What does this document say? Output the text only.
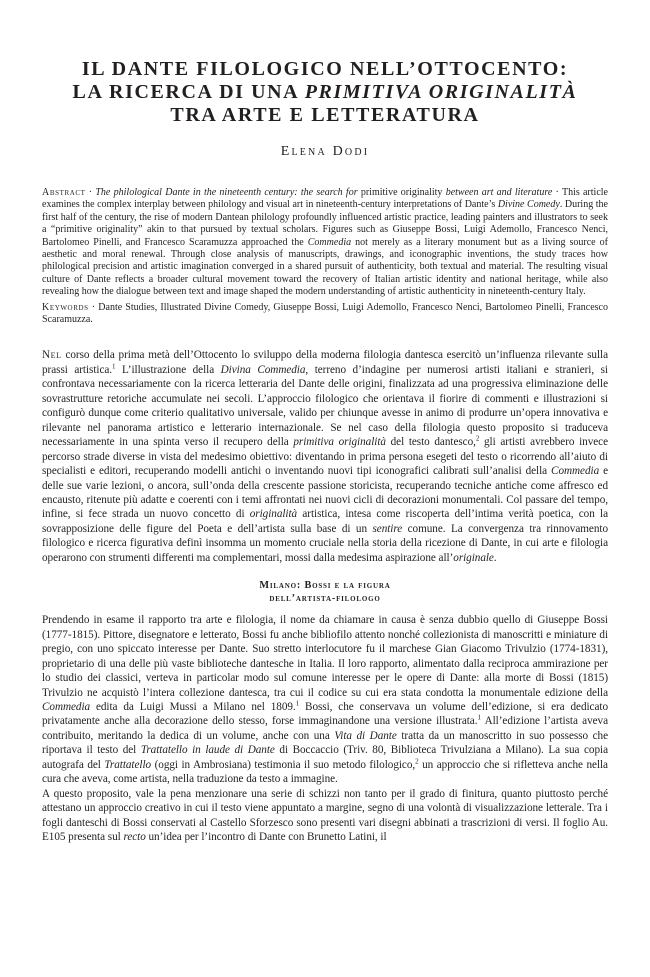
IL DANTE FILOLOGICO NELL’OTTOCENTO:
LA RICERCA DI UNA PRIMITIVA ORIGINALITÀ
TRA ARTE E LETTERATURA
Elena Dodi
Abstract · The philological Dante in the nineteenth century: the search for primitive originality between art and literature · This article examines the complex interplay between philology and visual art in nineteenth-century interpretations of Dante’s Divine Comedy. During the first half of the century, the rise of modern Dantean philology profoundly influenced artistic practice, leading painters and illustrators to seek a “primitive originality” akin to that pursued by textual scholars. Figures such as Giuseppe Bossi, Luigi Ademollo, Francesco Nenci, Bartolomeo Pinelli, and Francesco Scaramuzza approached the Commedia not merely as a literary monument but as a living source of aesthetic and moral renewal. Through close analysis of manuscripts, drawings, and iconographic inventions, the study traces how philological precision and artistic imagination converged in a shared pursuit of authenticity, both textual and material. The resulting visual culture of Dante reflects a broader cultural movement toward the recovery of Italian artistic identity and national heritage, while also revealing how the dialogue between text and image shaped the modern understanding of artistic authenticity in nineteenth-century Italy.
Keywords · Dante Studies, Illustrated Divine Comedy, Giuseppe Bossi, Luigi Ademollo, Francesco Nenci, Bartolomeo Pinelli, Francesco Scaramuzza.
Nel corso della prima metà dell’Ottocento lo sviluppo della moderna filologia dantesca esercitò un’influenza rilevante sulla prassi artistica.$^1$ L’illustrazione della Divina Commedia, terreno d’indagine per numerosi artisti italiani e stranieri, si confrontava necessariamente con la ricerca letteraria del Dante delle origini, finalizzata ad una progressiva eliminazione delle sovrastrutture retoriche accumulate nei secoli. L’approccio filologico che orientava il fiorire di commenti e illustrazioni si configurò dunque come criterio qualitativo universale, valido per chiunque avesse in animo di produrre un’opera innovativa e rilevante nel panorama artistico e letterario internazionale. Se nel caso della filologia questo proposito si traduceva necessariamente in una spinta verso il recupero della primitiva originalità del testo dantesco,$^2$ gli artisti avrebbero invece percorso strade diverse in vista del medesimo obiettivo: diventando in prima persona esegeti del testo o ricorrendo all’aiuto di specialisti e editori, recuperando modelli antichi o inventando nuovi tipi iconografici calibrati sull’analisi della Commedia e delle sue varie lezioni, o ancora, sull’onda della crescente passione storicista, recuperando tecniche antiche come affresco ed encausto, ritenute più adatte e coerenti con i temi affrontati nei nuovi cicli di decorazioni monumentali. Col passare del tempo, infine, si fece strada un nuovo concetto di originalità artistica, intesa come riscoperta dell’intima verità poetica, con la sovrapposizione delle figure del Poeta e dell’artista sulla base di un sentire comune. La convergenza tra rinnovamento filologico e ricerca figurativa definì insomma un momento cruciale nella storia della ricezione di Dante, in cui arte e filologia operarono con strumenti differenti ma complementari, mossi dalla medesima aspirazione all’originale.
Milano: Bossi e la figura
dell’artista-filologo

Prendendo in esame il rapporto tra arte e filologia, il nome da chiamare in causa è senza dubbio quello di Giuseppe Bossi (1777-1815). Pittore, disegnatore e letterato, Bossi fu anche bibliofilo attento nonché collezionista di manoscritti e miniature di pregio, con uno spiccato interesse per Dante. Suo stretto interlocutore fu il marchese Gian Giacomo Trivulzio (1774-1831), proprietario di una delle più vaste biblioteche dantesche in Italia. Il loro rapporto, alimentato dalla reciproca ammirazione per lo studio dei classici, verteva in particolar modo sul comune interesse per le opere di Dante: alla morte di Bossi (1815) Trivulzio ne acquistò l’intera collezione dantesca, tra cui il codice su cui era stata condotta la monumentale edizione della Commedia edita da Luigi Mussi a Milano nel 1809.$^1$ Bossi, che conservava un volume dell’edizione, si era dedicato privatamente anche alla decorazione dello stesso, forse immaginandone una versione illustrata.$^1$ All’edizione l’artista aveva contribuito, meritando la dedica di un volume, anche con una Vita di Dante tratta da un manoscritto in suo possesso che riportava il testo del Trattatello in laude di Dante di Boccaccio (Triv. 80, Biblioteca Trivulziana a Milano). La sua copia autografa del Trattatello (oggi in Ambrosiana) testimonia il suo metodo filologico,$^2$ un approccio che si rifletteva anche nella cura che aveva, come artista, nella traduzione da testo a immagine.

A questo proposito, vale la pena menzionare una serie di schizzi non tanto per il grado di finitura, quanto piuttosto perché attestano un approccio creativo in cui il testo viene appuntato a margine, segno di una volontà di visualizzazione letterale. Tra i fogli danteschi di Bossi conservati al Castello Sforzesco sono presenti vari disegni abbinati a trascrizioni di versi. Il foglio Au. E105 presenta sul recto un’idea per l’incontro di Dante con Brunetto Latini, il
